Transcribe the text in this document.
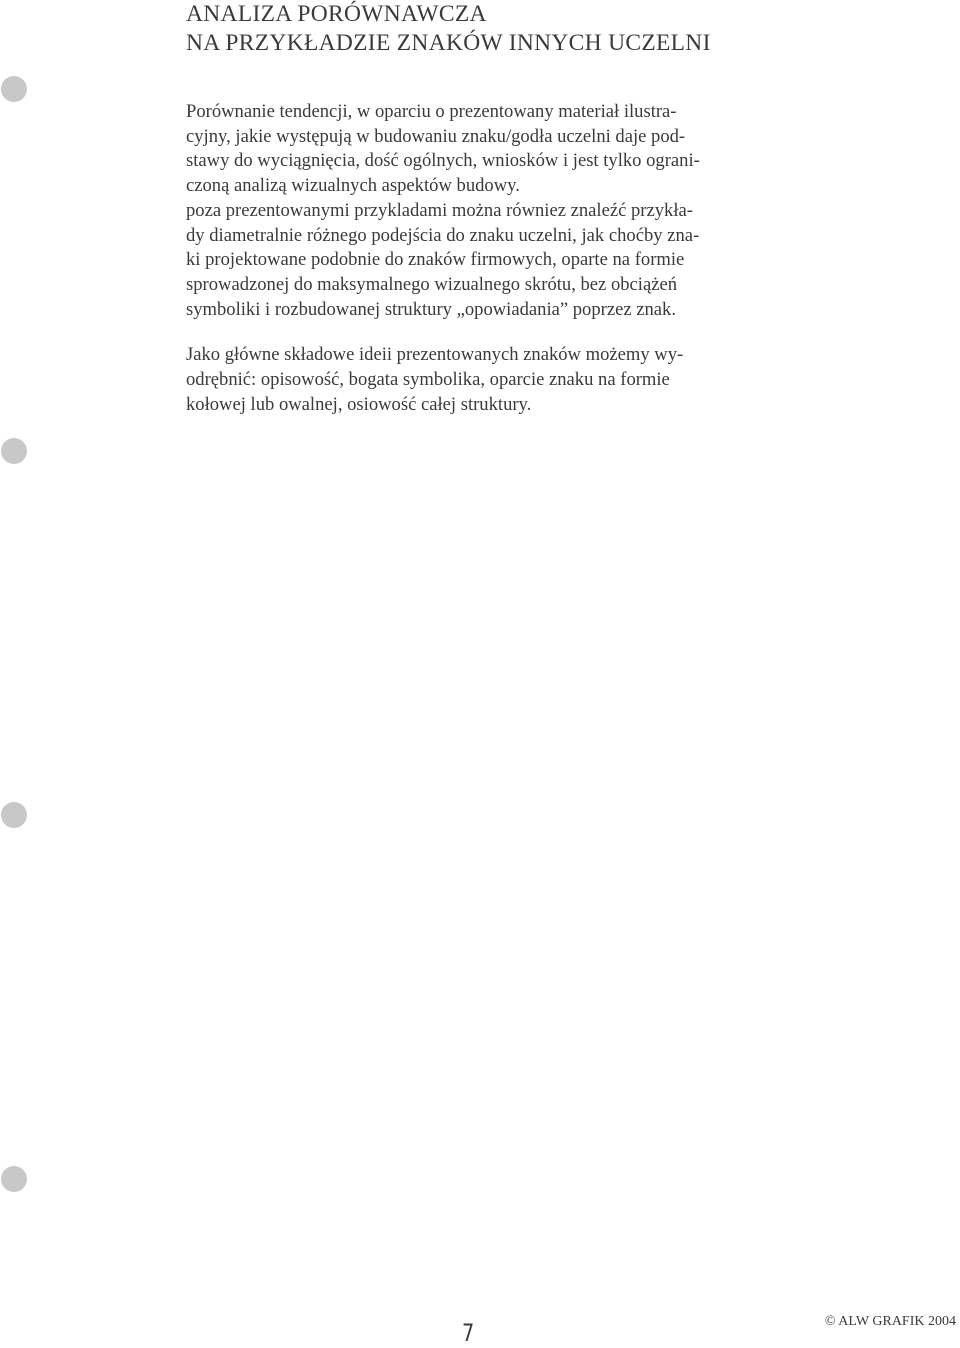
ANALIZA PORÓWNAWCZA
NA PRZYKŁADZIE ZNAKÓW INNYCH UCZELNI
Porównanie tendencji, w oparciu o prezentowany materiał ilustra-
cyjny, jakie występują w budowaniu znaku/godła uczelni daje pod-
stawy do wyciągnięcia, dość ogólnych, wniosków i jest tylko ograni-
czoną analizą wizualnych aspektów budowy.
poza prezentowanymi przykladami można równiez znaleźć przykła-
dy diametralnie różnego podejścia do znaku uczelni, jak choćby zna-
ki projektowane podobnie do znaków firmowych, oparte na formie
sprowadzonej do maksymalnego wizualnego skrótu, bez obciążeń
symboliki i rozbudowanej struktury „opowiadania” poprzez znak.
Jako główne składowe ideii prezentowanych znaków możemy wy-
odrębnić: opisowość, bogata symbolika, oparcie znaku na formie
kołowej lub owalnej, osiowość całej struktury.
7	© ALW GRAFIK 2004
